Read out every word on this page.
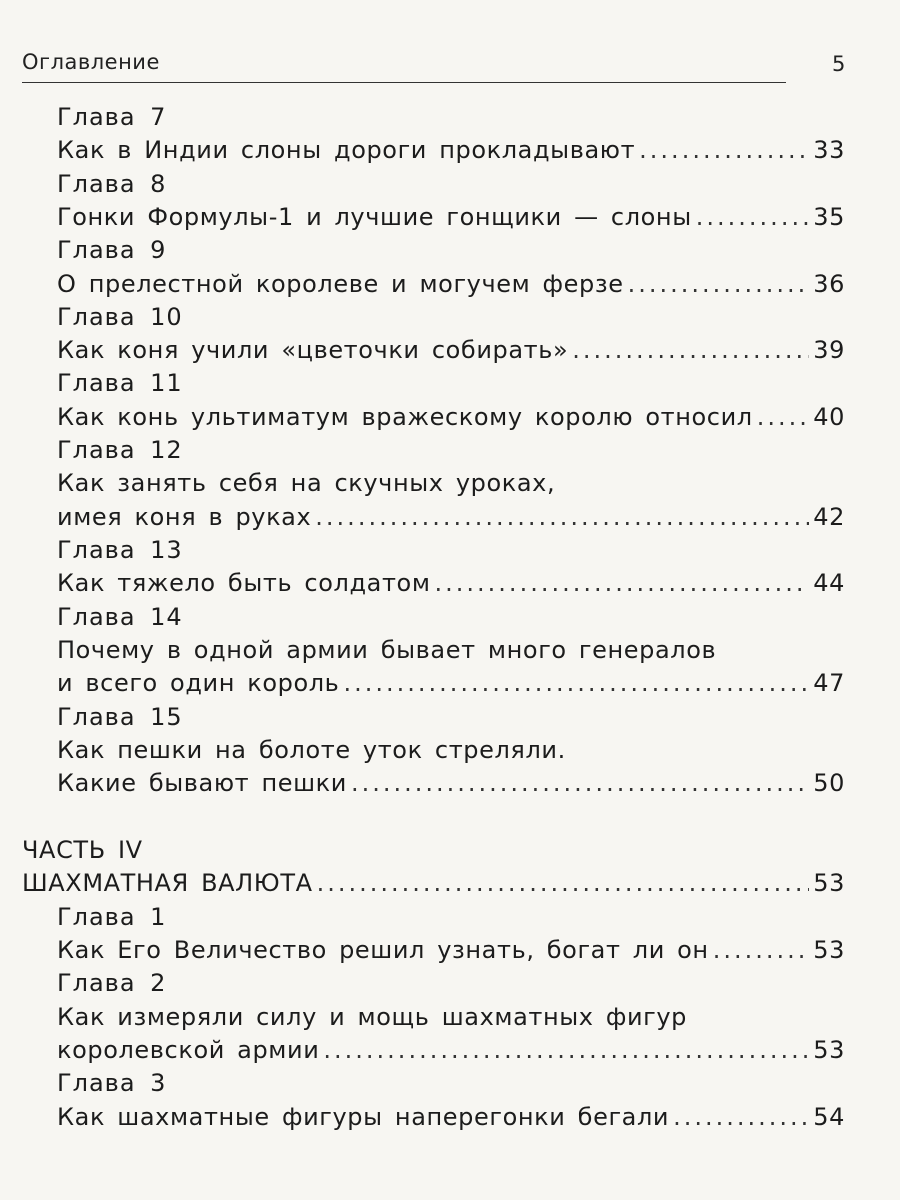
Оглавление	5
Глава 7
Как в Индии слоны дороги прокладывают .....	33
Глава 8
Гонки Формулы-1 и лучшие гонщики — слоны .....	35
Глава 9
О прелестной королеве и могучем ферзе .....	36
Глава 10
Как коня учили «цветочки собирать» .....	39
Глава 11
Как конь ультиматум вражескому королю относил .....	40
Глава 12
Как занять себя на скучных уроках,
имея коня в руках .....	42
Глава 13
Как тяжело быть солдатом .....	44
Глава 14
Почему в одной армии бывает много генералов
и всего один король .....	47
Глава 15
Как пешки на болоте уток стреляли.
Какие бывают пешки .....	50
ЧАСТЬ IV
ШАХМАТНАЯ ВАЛЮТА .....	53
Глава 1
Как Его Величество решил узнать, богат ли он .....	53
Глава 2
Как измеряли силу и мощь шахматных фигур
королевской армии .....	53
Глава 3
Как шахматные фигуры наперегонки бегали .....	54
